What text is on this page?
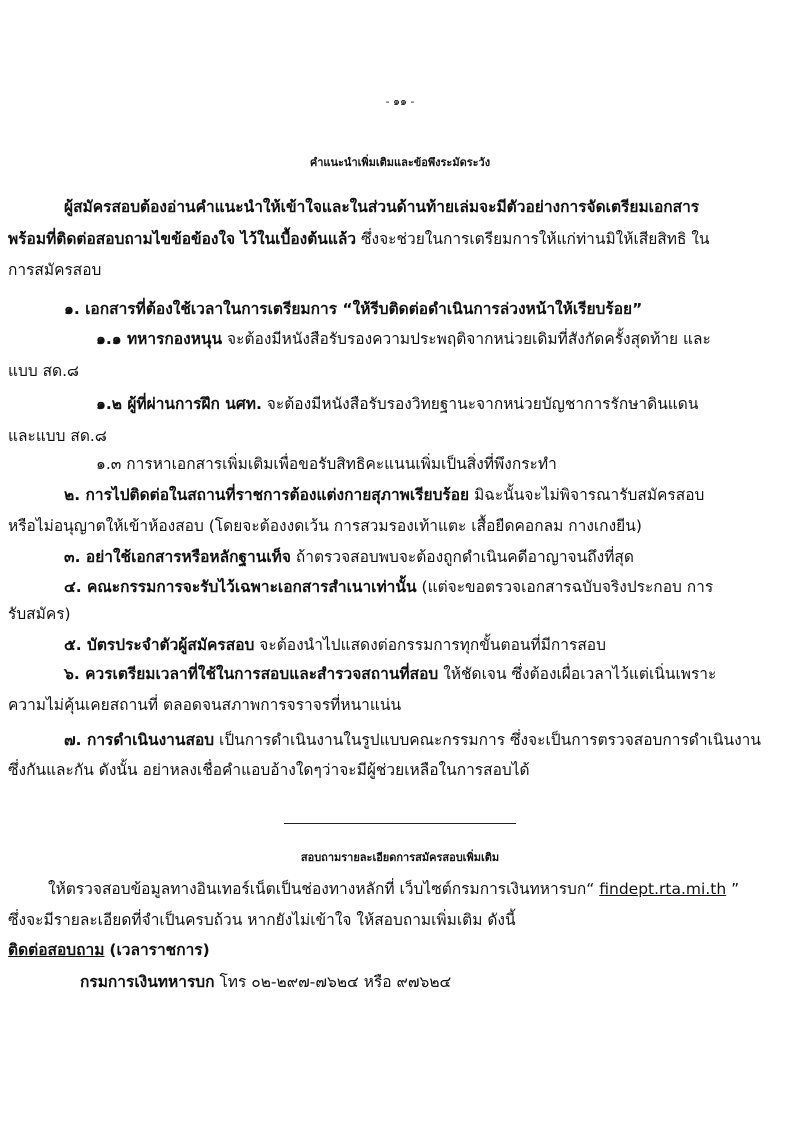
- ๑๑ -
คำแนะนำเพิ่มเติมและข้อพึงระมัดระวัง
ผู้สมัครสอบต้องอ่านคำแนะนำให้เข้าใจและในส่วนด้านท้ายเล่มจะมีตัวอย่างการจัดเตรียมเอกสาร
พร้อมที่ติดต่อสอบถามไขข้อข้องใจ ไว้ในเบื้องต้นแล้ว ซึ่งจะช่วยในการเตรียมการให้แก่ท่านมิให้เสียสิทธิ ใน
การสมัครสอบ
๑. เอกสารที่ต้องใช้เวลาในการเตรียมการ “ให้รีบติดต่อดำเนินการล่วงหน้าให้เรียบร้อย”
๑.๑ ทหารกองหนุน จะต้องมีหนังสือรับรองความประพฤติจากหน่วยเดิมที่สังกัดครั้งสุดท้าย และ
แบบ สด.๘
๑.๒ ผู้ที่ผ่านการฝึก นศท. จะต้องมีหนังสือรับรองวิทยฐานะจากหน่วยบัญชาการรักษาดินแดน
และแบบ สด.๘
๑.๓ การหาเอกสารเพิ่มเติมเพื่อขอรับสิทธิคะแนนเพิ่มเป็นสิ่งที่พึงกระทำ
๒. การไปติดต่อในสถานที่ราชการต้องแต่งกายสุภาพเรียบร้อย มิฉะนั้นจะไม่พิจารณารับสมัครสอบ
หรือไม่อนุญาตให้เข้าห้องสอบ (โดยจะต้องงดเว้น การสวมรองเท้าแตะ เสื้อยืดคอกลม กางเกงยีน)
๓. อย่าใช้เอกสารหรือหลักฐานเท็จ ถ้าตรวจสอบพบจะต้องถูกดำเนินคดีอาญาจนถึงที่สุด
๔. คณะกรรมการจะรับไว้เฉพาะเอกสารสำเนาเท่านั้น (แต่จะขอตรวจเอกสารฉบับจริงประกอบ การ
รับสมัคร)
๕. บัตรประจำตัวผู้สมัครสอบ จะต้องนำไปแสดงต่อกรรมการทุกขั้นตอนที่มีการสอบ
๖. ควรเตรียมเวลาที่ใช้ในการสอบและสำรวจสถานที่สอบ ให้ชัดเจน ซึ่งต้องเผื่อเวลาไว้แต่เนิ่นเพราะ
ความไม่คุ้นเคยสถานที่ ตลอดจนสภาพการจราจรที่หนาแน่น
๗. การดำเนินงานสอบ เป็นการดำเนินงานในรูปแบบคณะกรรมการ ซึ่งจะเป็นการตรวจสอบการดำเนินงาน
ซึ่งกันและกัน ดังนั้น อย่าหลงเชื่อคำแอบอ้างใดๆว่าจะมีผู้ช่วยเหลือในการสอบได้
สอบถามรายละเอียดการสมัครสอบเพิ่มเติม
ให้ตรวจสอบข้อมูลทางอินเทอร์เน็ตเป็นช่องทางหลักที่ เว็บไซต์กรมการเงินทหารบก“ findept.rta.mi.th ”
ซึ่งจะมีรายละเอียดที่จำเป็นครบถ้วน หากยังไม่เข้าใจ ให้สอบถามเพิ่มเติม ดังนี้
ติดต่อสอบถาม (เวลาราชการ)
กรมการเงินทหารบก โทร ๐๒-๒๙๗-๗๖๒๔ หรือ ๙๗๖๒๔
